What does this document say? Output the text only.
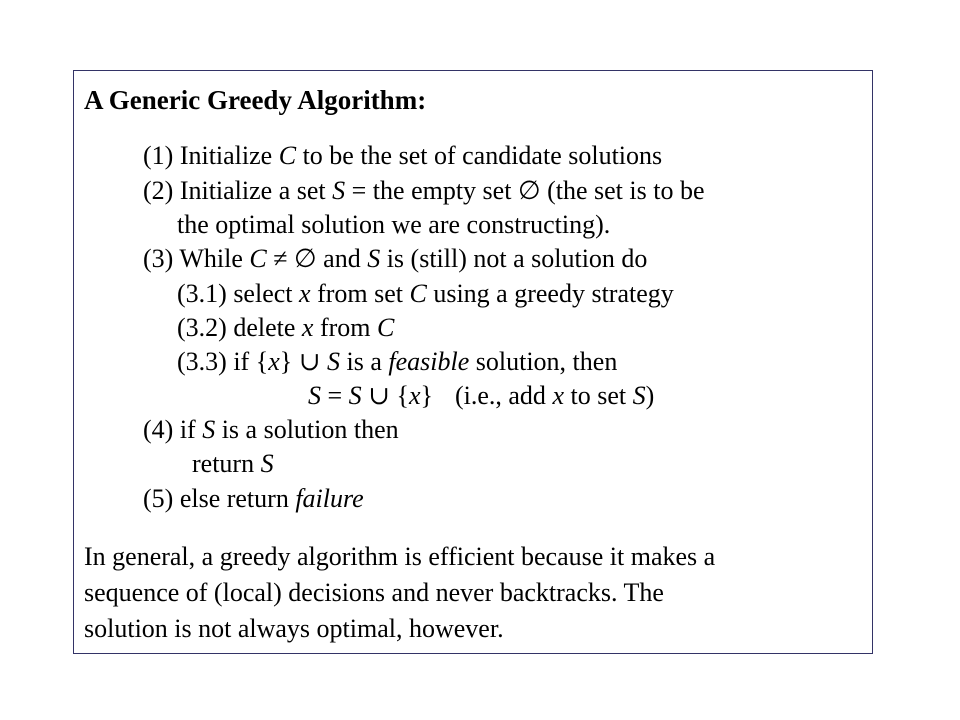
A Generic Greedy Algorithm:
(1) Initialize C to be the set of candidate solutions
(2) Initialize a set S = the empty set ∅ (the set is to be
the optimal solution we are constructing).
(3) While C ≠ ∅ and S is (still) not a solution do
(3.1) select x from set C using a greedy strategy
(3.2) delete x from C
(3.3) if {x} ∪ S is a feasible solution, then
S = S ∪ {x} (i.e., add x to set S)
(4) if S is a solution then
return S
(5) else return failure
In general, a greedy algorithm is efficient because it makes a
sequence of (local) decisions and never backtracks. The
solution is not always optimal, however.
